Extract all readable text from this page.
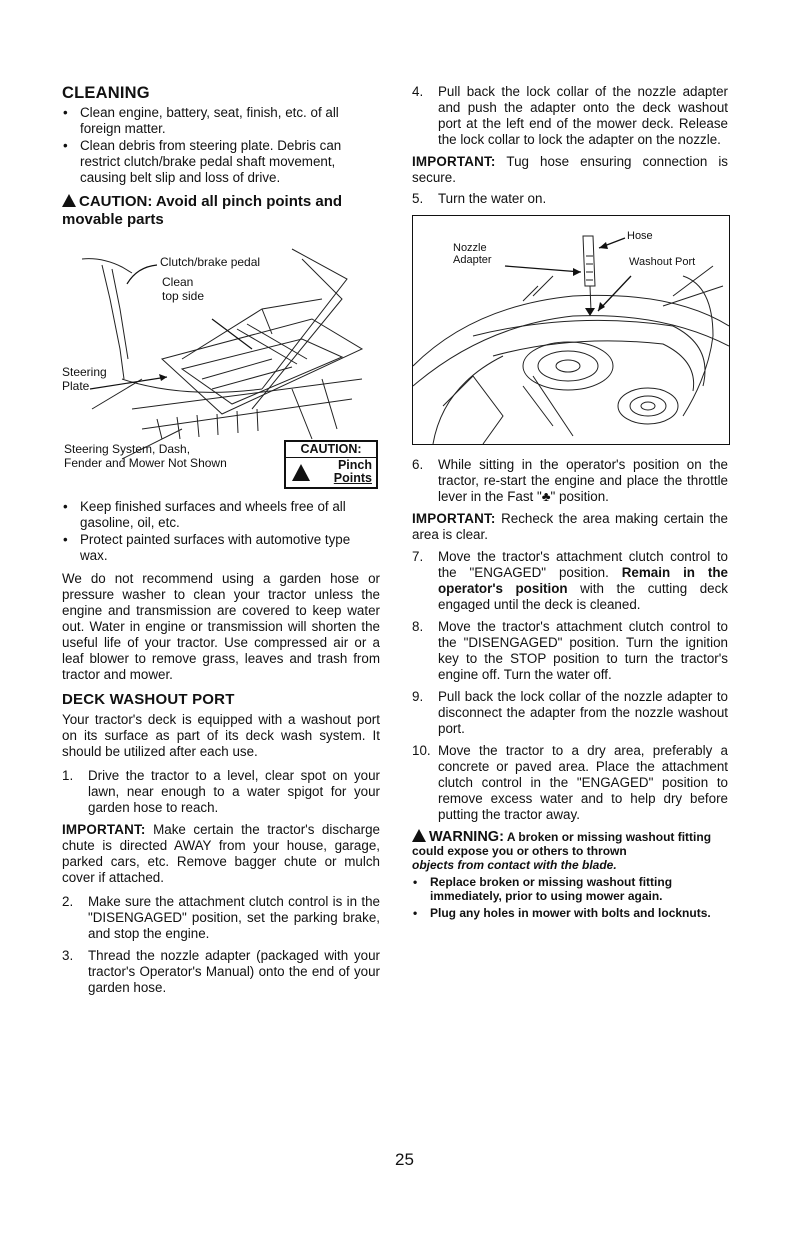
CLEANING
• Clean engine, battery, seat, finish, etc. of all foreign matter.
• Clean debris from steering plate. Debris can restrict clutch/brake pedal shaft movement, causing belt slip and loss of drive.
CAUTION: Avoid all pinch points and movable parts
Clutch/brake pedal
Clean
top side
Steering
Plate
Steering System, Dash,
Fender and Mower Not Shown
CAUTION:
Pinch
Points
• Keep finished surfaces and wheels free of all gasoline, oil, etc.
• Protect painted surfaces with automotive type wax.

We do not recommend using a garden hose or pressure washer to clean your tractor unless the engine and transmission are covered to keep water out. Water in engine or transmission will shorten the useful life of your tractor. Use compressed air or a leaf blower to remove grass, leaves and trash from tractor and mower.

DECK WASHOUT PORT

Your tractor's deck is equipped with a washout port on its surface as part of its deck wash system. It should be utilized after each use.

1.	Drive the tractor to a level, clear spot on your lawn, near enough to a water spigot for your garden hose to reach.

IMPORTANT: Make certain the tractor's discharge chute is directed AWAY from your house, garage, parked cars, etc. Remove bagger chute or mulch cover if attached.

2.	Make sure the attachment clutch control is in the "DISENGAGED" position, set the parking brake, and stop the engine.
3.	Thread the nozzle adapter (packaged with your tractor's Operator's Manual) onto the end of your garden hose.
4.	Pull back the lock collar of the nozzle adapter and push the adapter onto the deck washout port at the left end of the mower deck. Release the lock collar to lock the adapter on the nozzle.

IMPORTANT: Tug hose ensuring connection is secure.

5.	Turn the water on.
Nozzle
Adapter
Hose
Washout Port
6.	While sitting in the operator's position on the tractor, re-start the engine and place the throttle lever in the Fast "♣" position.

IMPORTANT: Recheck the area making certain the area is clear.

7.	Move the tractor's attachment clutch control to the "ENGAGED" position. Remain in the operator's position with the cutting deck engaged until the deck is cleaned.
8.	Move the tractor's attachment clutch control to the "DISENGAGED" position. Turn the ignition key to the STOP position to turn the tractor's engine off. Turn the water off.
9.	Pull back the lock collar of the nozzle adapter to disconnect the adapter from the nozzle washout port.
10. Move the tractor to a dry area, preferably a concrete or paved area. Place the attachment clutch control in the "ENGAGED" position to remove excess water and to help dry before putting the tractor away.
WARNING: A broken or missing washout fitting could expose you or others to thrown
objects from contact with the blade.
• Replace broken or missing washout fitting immediately, prior to using mower again.
• Plug any holes in mower with bolts and locknuts.
25
